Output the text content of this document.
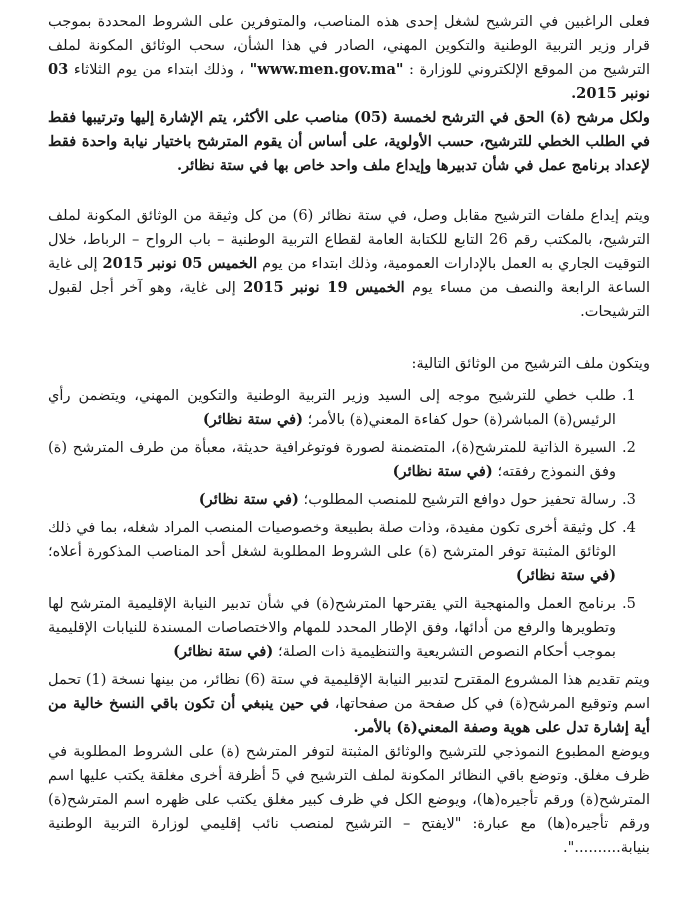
فعلى الراغبين في الترشيح لشغل إحدى هذه المناصب، والمتوفرين على الشروط المحددة بموجب قرار وزير التربية الوطنية والتكوين المهني، الصادر في هذا الشأن، سحب الوثائق المكونة لملف الترشيح من الموقع الإلكتروني للوزارة : "www.men.gov.ma" ، وذلك ابتداء من يوم الثلاثاء 03 نونبر 2015.

ولكل مرشح (ة) الحق في الترشح لخمسة (05) مناصب على الأكثر، يتم الإشارة إليها وترتيبها فقط في الطلب الخطي للترشيح، حسب الأولوية، على أساس أن يقوم المترشح باختيار نيابة واحدة فقط لإعداد برنامج عمل في شأن تدبيرها وإيداع ملف واحد خاص بها في ستة نظائر.

ويتم إيداع ملفات الترشيح مقابل وصل، في ستة نظائر (6) من كل وثيقة من الوثائق المكونة لملف الترشيح، بالمكتب رقم 26 التابع للكتابة العامة لقطاع التربية الوطنية – باب الرواح – الرباط، خلال التوقيت الجاري به العمل بالإدارات العمومية، وذلك ابتداء من يوم الخميس 05 نونبر 2015 إلى غاية الساعة الرابعة والنصف من مساء يوم الخميس 19 نونبر 2015 إلى غاية، وهو آخر أجل لقبول الترشيحات.

ويتكون ملف الترشيح من الوثائق التالية:

1.
طلب خطي للترشيح موجه إلى السيد وزير التربية الوطنية والتكوين المهني، ويتضمن رأي الرئيس(ة) المباشر(ة) حول كفاءة المعني(ة) بالأمر؛ (في ستة نظائر)
2.
السيرة الذاتية للمترشح(ة)، المتضمنة لصورة فوتوغرافية حديثة، معبأة من طرف المترشح (ة) وفق النموذج رفقته؛ (في ستة نظائر)
3.
رسالة تحفيز حول دوافع الترشيح للمنصب المطلوب؛ (في ستة نظائر)
4.
كل وثيقة أخرى تكون مفيدة، وذات صلة بطبيعة وخصوصيات المنصب المراد شغله، بما في ذلك الوثائق المثبتة توفر المترشح (ة) على الشروط المطلوبة لشغل أحد المناصب المذكورة أعلاه؛ (في ستة نظائر)
5.
برنامج العمل والمنهجية التي يقترحها المترشح(ة) في شأن تدبير النيابة الإقليمية المترشح لها وتطويرها والرفع من أدائها، وفق الإطار المحدد للمهام والاختصاصات المسندة للنيابات الإقليمية بموجب أحكام النصوص التشريعية والتنظيمية ذات الصلة؛ (في ستة نظائر)

ويتم تقديم هذا المشروع المقترح لتدبير النيابة الإقليمية في ستة (6) نظائر، من بينها نسخة (1) تحمل اسم وتوقيع المرشح(ة) في كل صفحة من صفحاتها، في حين ينبغي أن تكون باقي النسخ خالية من أية إشارة تدل على هوية وصفة المعني(ة) بالأمر.

ويوضع المطبوع النموذجي للترشيح والوثائق المثبتة لتوفر المترشح (ة) على الشروط المطلوبة في ظرف مغلق. وتوضع باقي النظائر المكونة لملف الترشيح في 5 أظرفة أخرى مغلقة يكتب عليها اسم المترشح(ة) ورقم تأجيره(ها)، ويوضع الكل في ظرف كبير مغلق يكتب على ظهره اسم المترشح(ة) ورقم تأجيره(ها) مع عبارة: "لايفتح – الترشيح لمنصب نائب إقليمي لوزارة التربية الوطنية بنيابة..........".
